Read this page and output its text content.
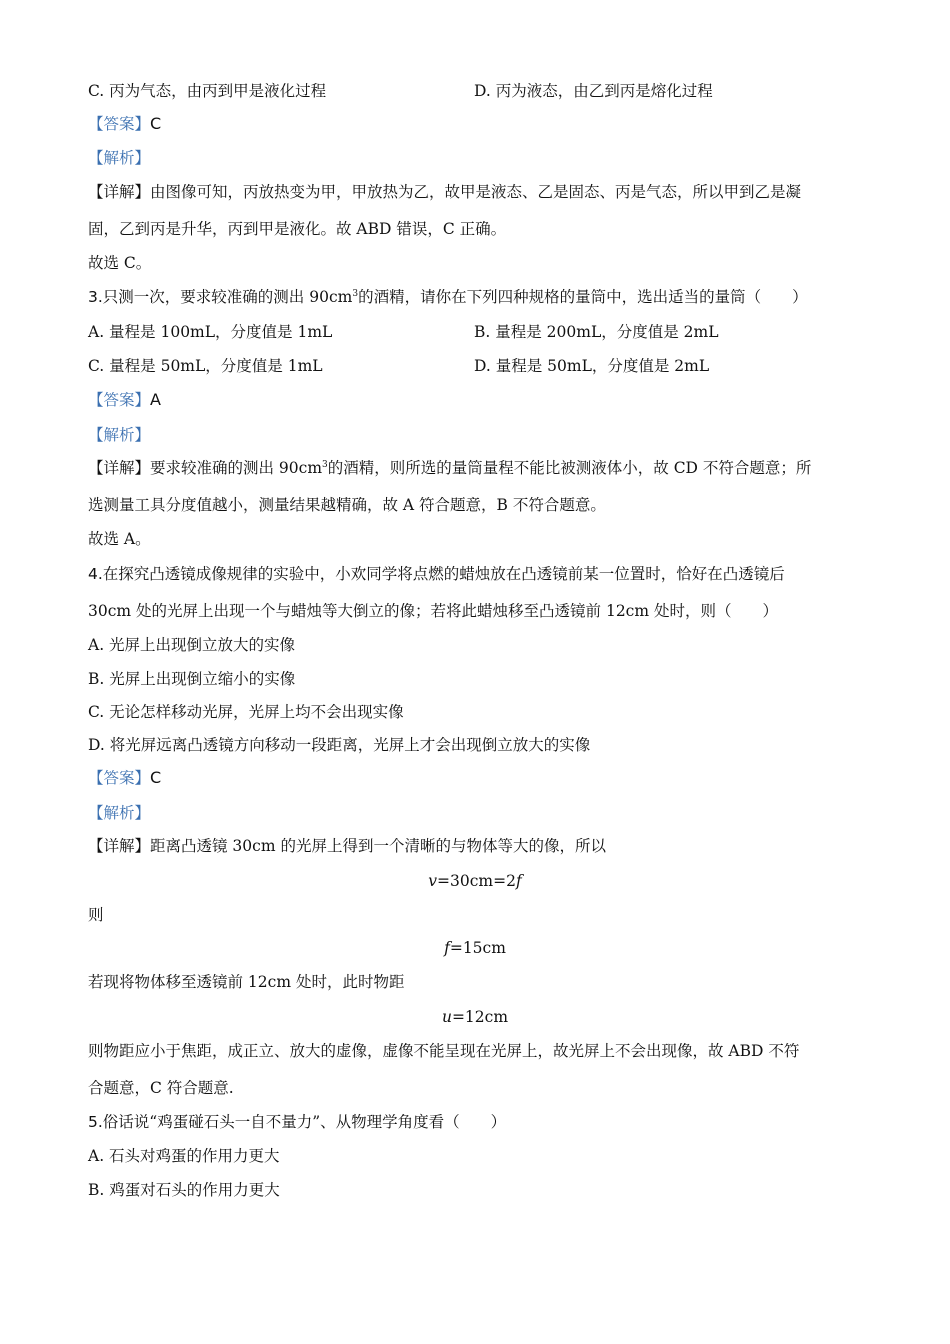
C. 丙为气态，由丙到甲是液化过程	D. 丙为液态，由乙到丙是熔化过程
【答案】C
【解析】
【详解】由图像可知，丙放热变为甲，甲放热为乙，故甲是液态、乙是固态、丙是气态，所以甲到乙是凝
固，乙到丙是升华，丙到甲是液化。故 ABD 错误，C 正确。
故选 C。
3.只测一次，要求较准确的测出 $90cm^3$的酒精，请你在下列四种规格的量筒中，选出适当的量筒（　　）
A. 量程是 100mL，分度值是 1mL	B. 量程是 200mL，分度值是 2mL
C. 量程是 50mL，分度值是 1mL	D. 量程是 50mL，分度值是 2mL
【答案】A
【解析】
【详解】要求较准确的测出 $90cm^3$的酒精，则所选的量筒量程不能比被测液体小，故 CD 不符合题意；所
选测量工具分度值越小，测量结果越精确，故 A 符合题意，B 不符合题意。
故选 A。
4.在探究凸透镜成像规律的实验中，小欢同学将点燃的蜡烛放在凸透镜前某一位置时，恰好在凸透镜后
30cm 处的光屏上出现一个与蜡烛等大倒立的像；若将此蜡烛移至凸透镜前 12cm 处时，则（　　）
A. 光屏上出现倒立放大的实像
B. 光屏上出现倒立缩小的实像
C. 无论怎样移动光屏，光屏上均不会出现实像
D. 将光屏远离凸透镜方向移动一段距离，光屏上才会出现倒立放大的实像
【答案】C
【解析】
【详解】距离凸透镜 30cm 的光屏上得到一个清晰的与物体等大的像，所以
v=30cm=2f
则
f=15cm
若现将物体移至透镜前 12cm 处时，此时物距
u=12cm
则物距应小于焦距，成正立、放大的虚像，虚像不能呈现在光屏上，故光屏上不会出现像，故 ABD 不符
合题意，C 符合题意.
5.俗话说“鸡蛋碰石头一自不量力”、从物理学角度看（　　）
A. 石头对鸡蛋的作用力更大
B. 鸡蛋对石头的作用力更大
